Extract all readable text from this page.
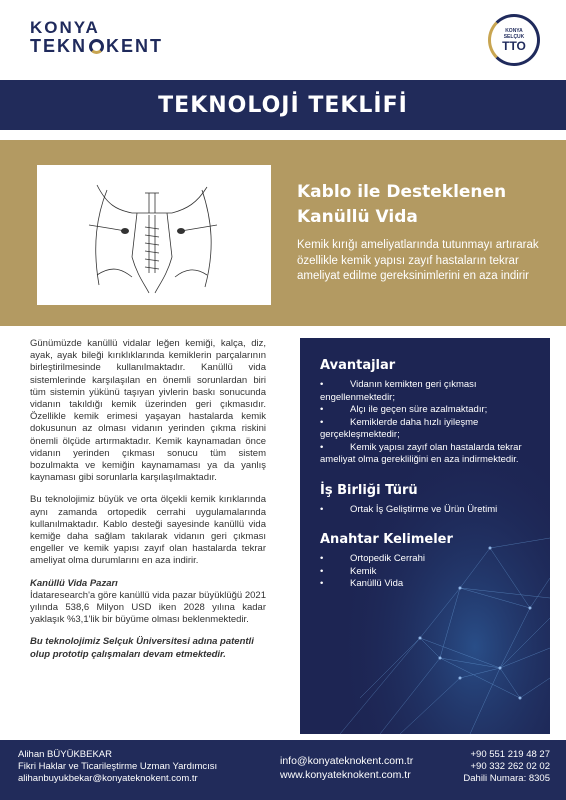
KONYA
TEKN KENT
KONYA
SELÇUK
TTO
TEKNOLOJİ TEKLİFİ
Kablo ile Desteklenen Kanüllü Vida
Kemik kırığı ameliyatlarında tutunmayı artırarak özellikle kemik yapısı zayıf hastaların tekrar ameliyat edilme gereksinimlerini en aza indirir

Günümüzde kanüllü vidalar leğen kemiği, kalça, diz, ayak, ayak bileği kırıklıklarında kemiklerin parçalarının birleştirilmesinde kullanılmaktadır. Kanüllü vida sistemlerinde karşılaşılan en önemli sorunlardan biri tüm sistemin yükünü taşıyan yivlerin baskı sonucunda vidanın takıldığı kemik üzerinden geri çıkmasıdır. Özellikle kemik erimesi yaşayan hastalarda kemik dokusunun az olması vidanın yerinden çıkma riskini önemli ölçüde artırmaktadır. Kemik kaynamadan önce vidanın yerinden çıkması sonucu tüm sistem bozulmakta ve kemiğin kaynamaması ya da yanlış kaynaması gibi sorunlarla karşılaşılmaktadır.

Bu teknolojimiz büyük ve orta ölçekli kemik kırıklarında aynı zamanda ortopedik cerrahi uygulamalarında kullanılmaktadır. Kablo desteği sayesinde kanüllü vida kemiğe daha sağlam takılarak vidanın geri çıkması engeller ve kemik yapısı zayıf olan hastalarda tekrar ameliyat olma durumlarını en aza indirir.

Kanüllü Vida Pazarı

İdataresearch'a göre kanüllü vida pazar büyüklüğü 2021 yılında 538,6 Milyon USD iken 2028 yılına kadar yaklaşık %3,1'lik bir büyüme olması beklenmektedir.

Bu teknolojimiz Selçuk Üniversitesi adına patentli olup prototip çalışmaları devam etmektedir.

Avantajlar
• Vidanın kemikten geri çıkması engellenmektedir;
• Alçı ile geçen süre azalmaktadır;
• Kemiklerde daha hızlı iyileşme gerçekleşmektedir;
• Kemik yapısı zayıf olan hastalarda tekrar ameliyat olma gerekliliğini en aza indirmektedir.
İş Birliği Türü
• Ortak İş Geliştirme ve Ürün Üretimi
Anahtar Kelimeler
• Ortopedik Cerrahi
• Kemik
• Kanüllü Vida
Alihan BÜYÜKBEKAR
Fikri Haklar ve Ticarileştirme Uzman Yardımcısı
alihanbuyukbekar@konyateknokent.com.tr
info@konyateknokent.com.tr
www.konyateknokent.com.tr
+90 551 219 48 27
+90 332 262 02 02
Dahili Numara: 8305
